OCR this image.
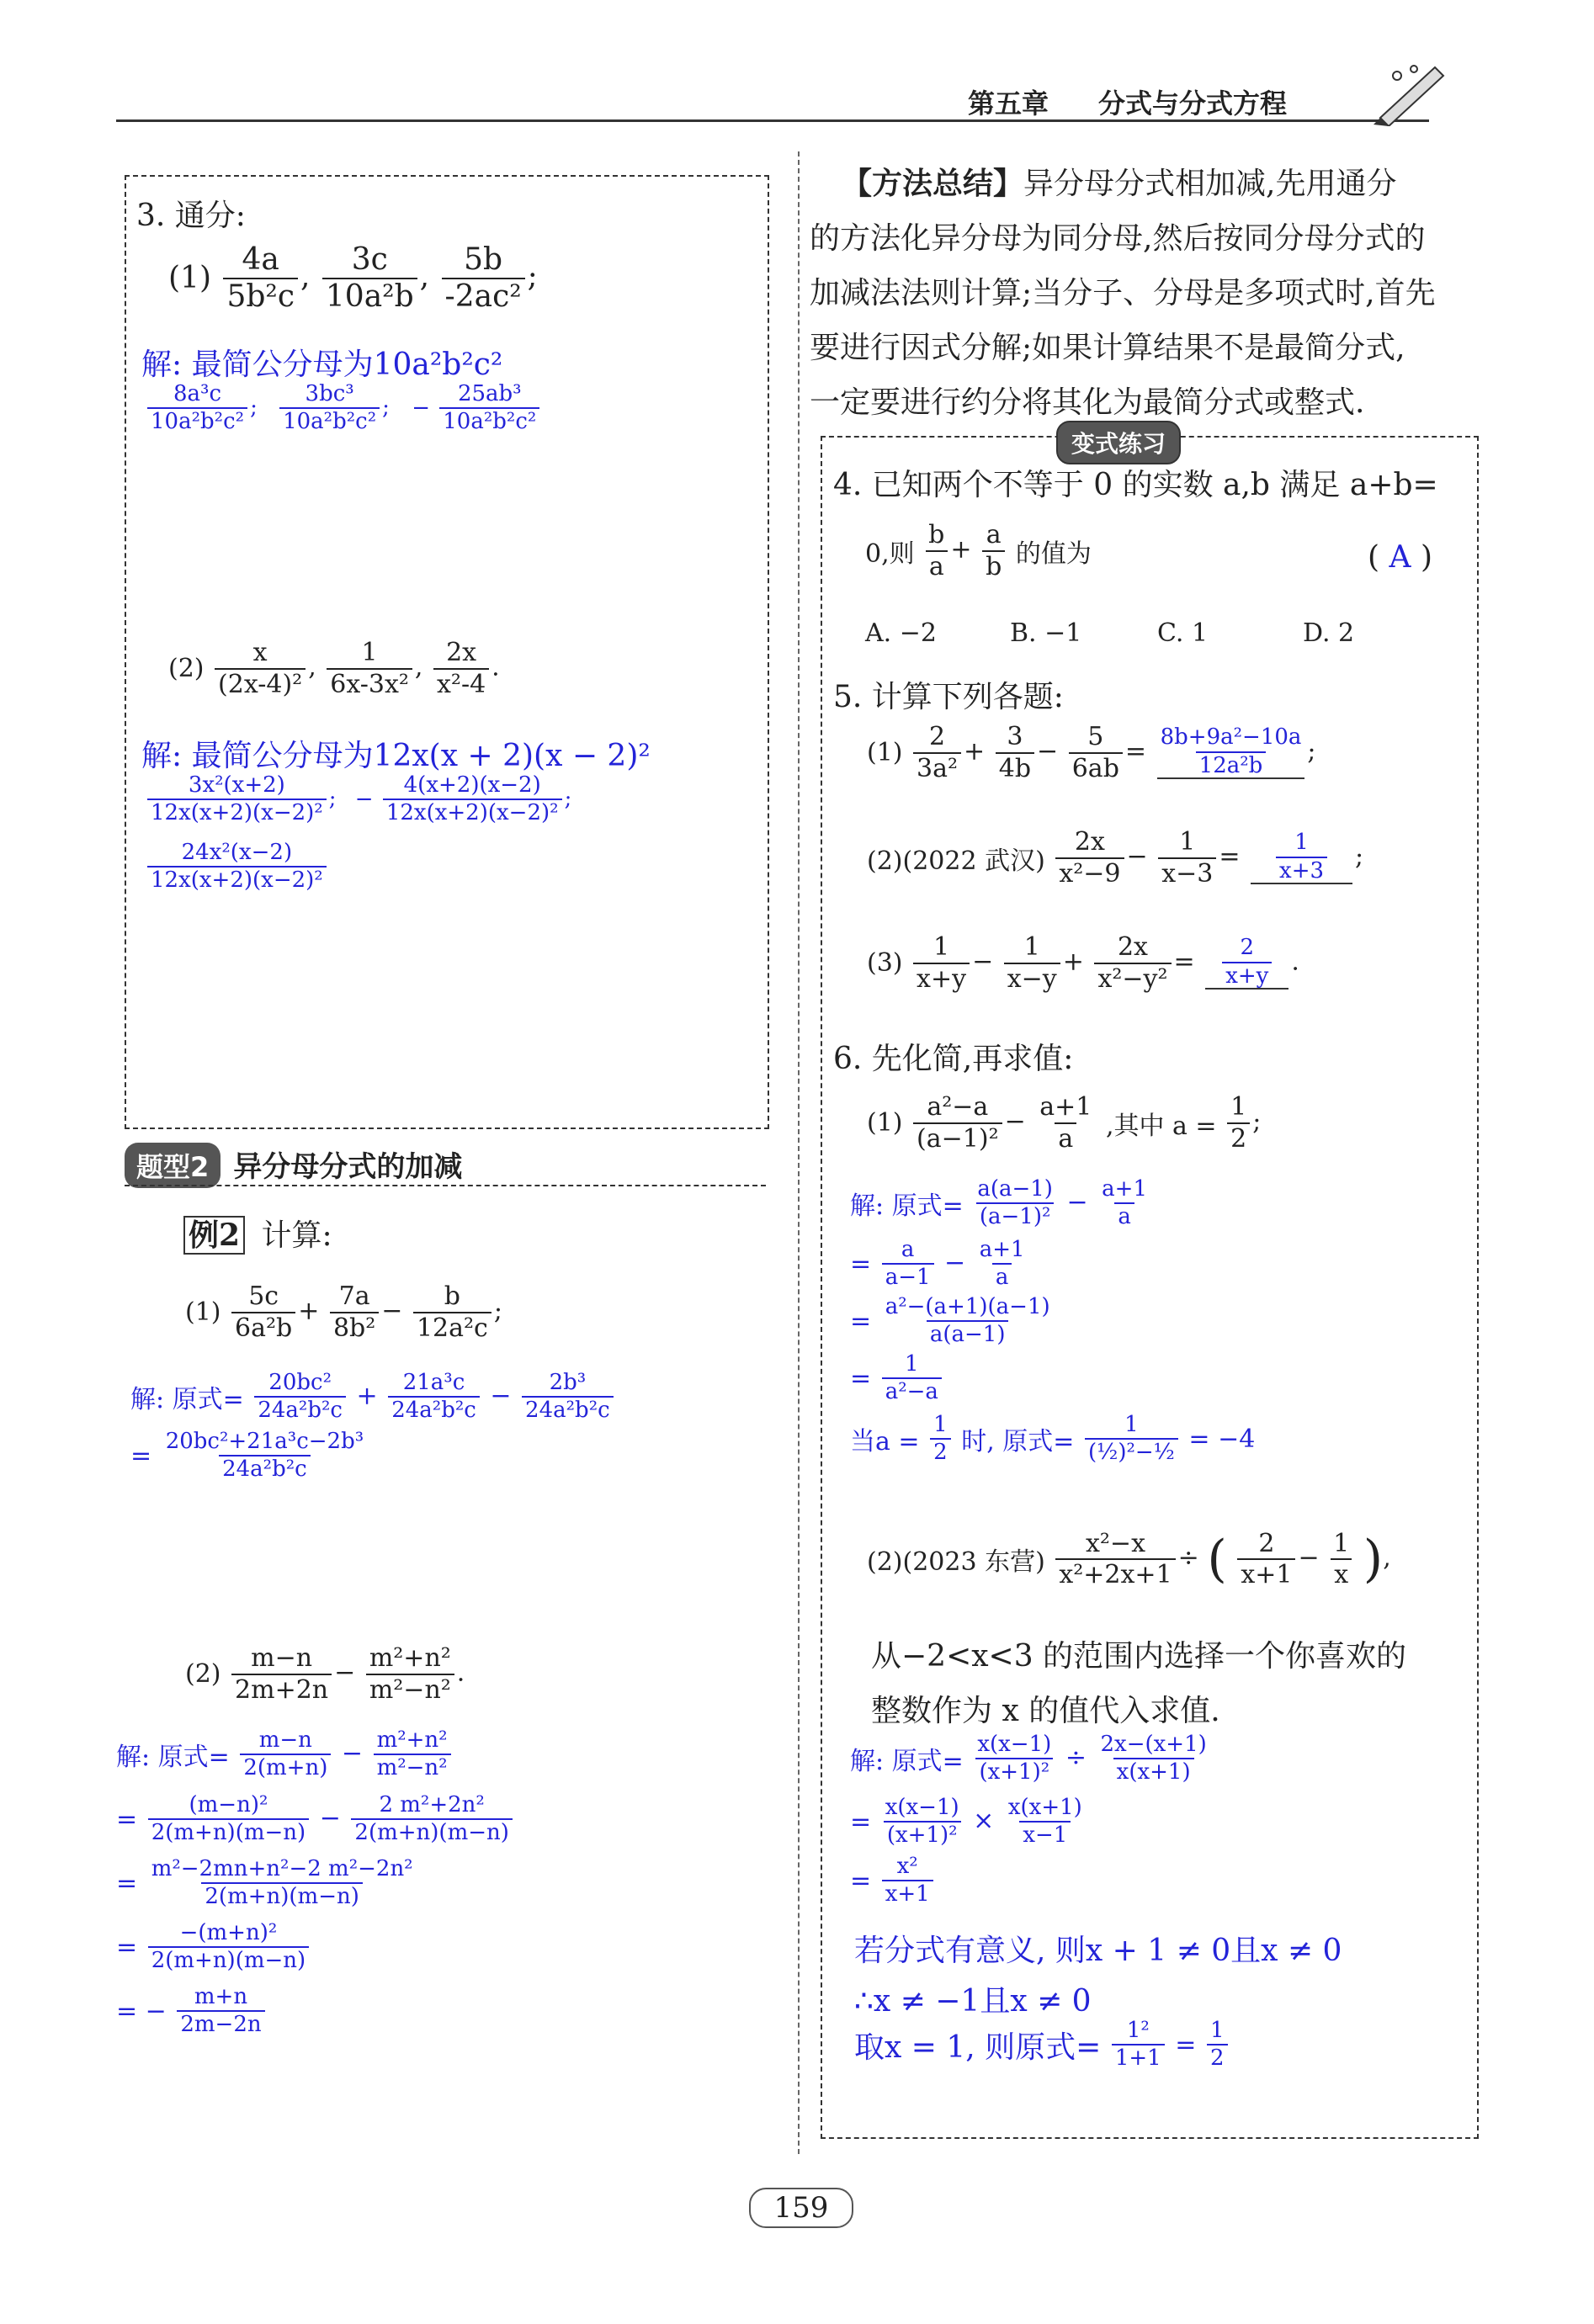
第五章 分式与分式方程
3. 通分:
$(1) \frac{4a}{\text{5b²c}}$ , $\frac{3c}{\text{10a²b}}$ , $\frac{5b}{\text{-2ac²}}$ ;
解: 最简公分母为10a²b²c²
$\frac{\text{8a³c}}{\text{10a²b²c²}}$ ; $\frac{\text{3bc³}}{\text{10a²b²c²}}$ ; − $\frac{\text{25ab³}}{\text{10a²b²c²}}$
$(2) \frac{x}{\text{(2x-4)²}}$ , $\frac{1}{\text{6x-3x²}}$ , $\frac{2x}{\text{x²-4}}$ .
解: 最简公分母为12x(x + 2)(x − 2)²
$\frac{\text{3x²(x+2)}}{\text{12x(x+2)(x−2)²}}$ ; − $\frac{4(x+2)(x-2)}{\text{12x(x+2)(x−2)²}}$ ;
$\frac{\text{24x²(x−2)}}{\text{12x(x+2)(x−2)²}}$
题型2 异分母分式的加减
例2 计算:
$(1) \frac{5c}{\text{6a²b}} + \frac{7a}{\text{8b²}} - \frac{b}{\text{12a²c}}$ ;
解: 原式= $\frac{\text{20bc²}}{\text{24a²b²c}} + \frac{\text{21a³c}}{\text{24a²b²c}} - \frac{\text{2b³}}{\text{24a²b²c}}$
= $\frac{\text{20bc²+21a³c−2b³}}{\text{24a²b²c}}$
$(2) \frac{m-n}{2m+2n} - \frac{\text{m²+n²}}{\text{m²−n²}}$ .
解: 原式= $\frac{m-n}{2(m+n)} - \frac{\text{m²+n²}}{\text{m²−n²}}$
= $\frac{\text{(m−n)²}}{2(m+n)(m-n)} - \frac{\text{2 m²+2n²}}{2(m+n)(m-n)}$
= $\frac{\text{m²−2mn+n²−2 m²−2n²}}{2(m+n)(m-n)}$
= $\frac{\text{−(m+n)²}}{2(m+n)(m-n)}$
= − $\frac{m+n}{2m-2n}$
【方法总结】异分母分式相加减,先用通分
的方法化异分母为同分母,然后按同分母分式的
加减法法则计算;当分子、分母是多项式时,首先
要进行因式分解;如果计算结果不是最简分式,
一定要进行约分将其化为最简分式或整式.
变式练习
4. 已知两个不等于 0 的实数 a,b 满足 a+b=
0,则 $\frac{b}{a} + \frac{a}{b}$ 的值为	( A )
A. −2	B. −1	C. 1	D. 2
5. 计算下列各题:
$(1) \frac{2}{\text{3a²}} + \frac{3}{4b} - \frac{5}{6ab} = \frac{\text{8b+9a²−10a}}{\text{12a²b}}$ ;
(2)(2022 武汉) $\frac{2x}{\text{x²−9}} - \frac{1}{x-3} = \frac{1}{x+3}$ ;
$(3) \frac{1}{x+y} - \frac{1}{x-y} + \frac{2x}{\text{x²−y²}} = \frac{2}{x+y}$ .
6. 先化简,再求值:
$(1) \frac{\text{a²−a}}{\text{(a−1)²}} - \frac{a+1}{a}$ ,其中 $a = \frac{1}{2}$ ;
解: 原式= $\frac{a(a-1)}{\text{(a−1)²}} - \frac{a+1}{a}$
= $\frac{a}{a-1} - \frac{a+1}{a}$
= $\frac{\text{a²−(a+1)(a−1)}}{a(a-1)}$
= $\frac{1}{\text{a²−a}}$
当$a = \frac{1}{2}$ 时, 原式=
1
(½)²−½ = −4
(2)(2023 东营) $\frac{\text{x²−x}}{\text{x²+2x+1}}$ ÷ ( $\frac{2}{x+1} - \frac{1}{x}$ ),
从−2<x<3 的范围内选择一个你喜欢的
整数作为 x 的值代入求值.
解: 原式= $\frac{x(x-1)}{\text{(x+1)²}} \div \frac{2x-(x+1)}{x(x+1)}$
= $\frac{x(x-1)}{\text{(x+1)²}} \times \frac{x(x+1)}{x-1}$
= $\frac{\text{x²}}{x+1}$
若分式有意义, 则x + 1 ≠ 0且x ≠ 0
∴x ≠ −1且x ≠ 0
取x = 1, 则原式= $\frac{\text{1²}}{1+1} = \frac{1}{2}$
159
